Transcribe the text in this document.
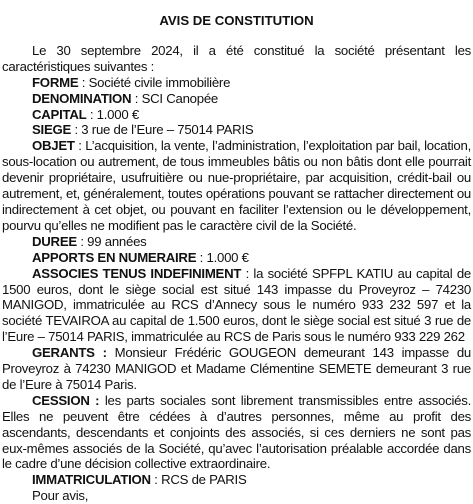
AVIS DE CONSTITUTION

Le 30 septembre 2024, il a été constitué la société présentant les caractéristiques suivantes :

FORME : Société civile immobilière

DENOMINATION : SCI Canopée

CAPITAL : 1.000 €

SIEGE : 3 rue de l’Eure – 75014 PARIS

OBJET : L’acquisition, la vente, l’administration, l’exploitation par bail, location, sous-location ou autrement, de tous immeubles bâtis ou non bâtis dont elle pourrait devenir propriétaire, usufruitière ou nue-propriétaire, par acquisition, crédit-bail ou autrement, et, généralement, toutes opérations pouvant se rattacher directement ou indirectement à cet objet, ou pouvant en faciliter l’extension ou le développement, pourvu qu’elles ne modifient pas le caractère civil de la Société.

DUREE : 99 années

APPORTS EN NUMERAIRE : 1.000 €

ASSOCIES TENUS INDEFINIMENT : la société SPFPL KATIU au capital de 1500 euros, dont le siège social est situé 143 impasse du Proveyroz – 74230 MANIGOD, immatriculée au RCS d’Annecy sous le numéro 933 232 597 et la société TEVAIROA au capital de 1.500 euros, dont le siège social est situé 3 rue de l’Eure – 75014 PARIS, immatriculée au RCS de Paris sous le numéro 933 229 262

GERANTS : Monsieur Frédéric GOUGEON demeurant 143 impasse du Proveyroz à 74230 MANIGOD et Madame Clémentine SEMETE demeurant 3 rue de l’Eure à 75014 Paris.

CESSION : les parts sociales sont librement transmissibles entre associés. Elles ne peuvent être cédées à d’autres personnes, même au profit des ascendants, descendants et conjoints des associés, si ces derniers ne sont pas eux-mêmes associés de la Société, qu’avec l’autorisation préalable accordée dans le cadre d’une décision collective extraordinaire.

IMMATRICULATION : RCS de PARIS

Pour avis,
